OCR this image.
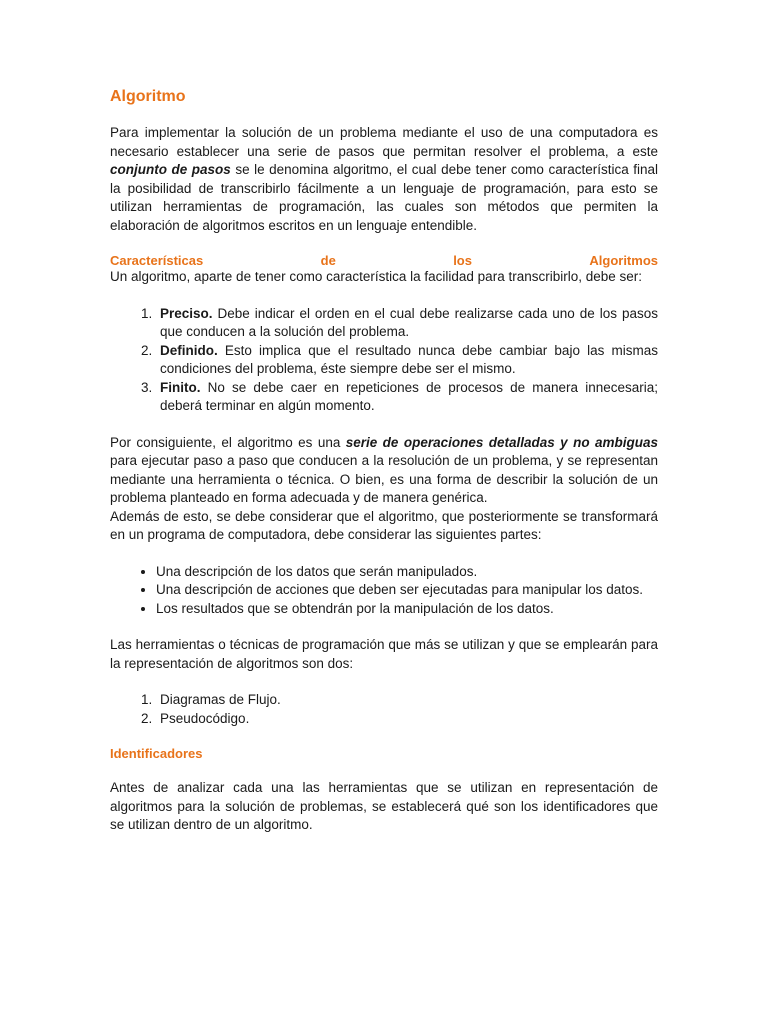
Algoritmo

Para implementar la solución de un problema mediante el uso de una computadora es necesario establecer una serie de pasos que permitan resolver el problema, a este conjunto de pasos se le denomina algoritmo, el cual debe tener como característica final la posibilidad de transcribirlo fácilmente a un lenguaje de programación, para esto se utilizan herramientas de programación, las cuales son métodos que permiten la elaboración de algoritmos escritos en un lenguaje entendible.

Características	de	los	Algoritmos

Un algoritmo, aparte de tener como característica la facilidad para transcribirlo, debe ser:

1. Preciso. Debe indicar el orden en el cual debe realizarse cada uno de los pasos que conducen a la solución del problema.
2. Definido. Esto implica que el resultado nunca debe cambiar bajo las mismas condiciones del problema, éste siempre debe ser el mismo.
3. Finito. No se debe caer en repeticiones de procesos de manera innecesaria; deberá terminar en algún momento.

Por consiguiente, el algoritmo es una serie de operaciones detalladas y no ambiguas para ejecutar paso a paso que conducen a la resolución de un problema, y se representan mediante una herramienta o técnica. O bien, es una forma de describir la solución de un problema planteado en forma adecuada y de manera genérica.

Además de esto, se debe considerar que el algoritmo, que posteriormente se transformará en un programa de computadora, debe considerar las siguientes partes:

• Una descripción de los datos que serán manipulados.
• Una descripción de acciones que deben ser ejecutadas para manipular los datos.
• Los resultados que se obtendrán por la manipulación de los datos.

Las herramientas o técnicas de programación que más se utilizan y que se emplearán para la representación de algoritmos son dos:

1. Diagramas de Flujo.
2. Pseudocódigo.
Identificadores

Antes de analizar cada una las herramientas que se utilizan en representación de algoritmos para la solución de problemas, se establecerá qué son los identificadores que se utilizan dentro de un algoritmo.
